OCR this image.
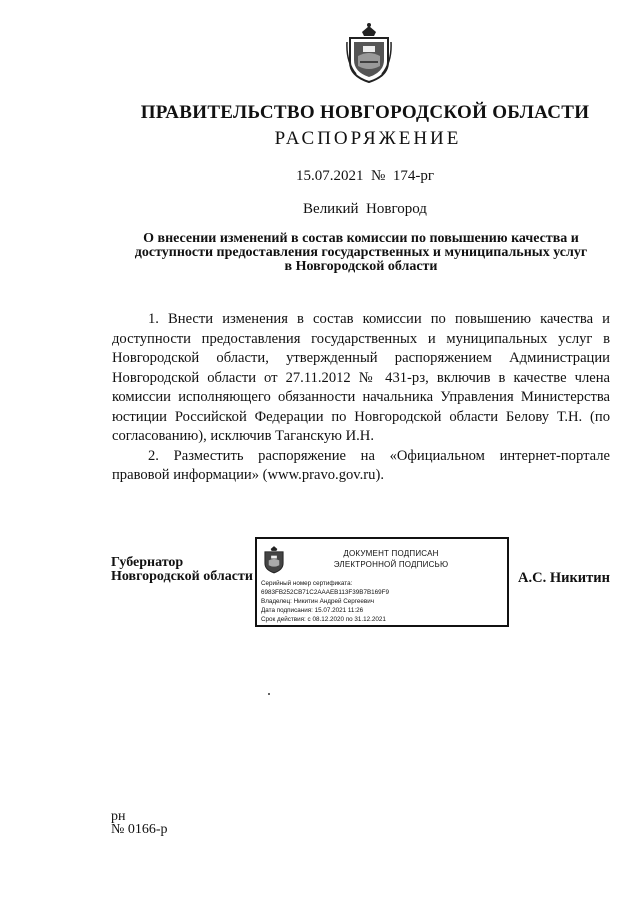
ПРАВИТЕЛЬСТВО НОВГОРОДСКОЙ ОБЛАСТИ
РАСПОРЯЖЕНИЕ
15.07.2021  №  174-рг
Великий  Новгород
О внесении изменений в состав комиссии по повышению качества и
доступности предоставления государственных и муниципальных услуг
в Новгородской области

1. Внести изменения в состав комиссии по повышению качества и доступности предоставления государственных и муниципальных услуг в Новгородской области, утвержденный распоряжением Администрации Новгородской области от 27.11.2012 № 431-рз, включив в качестве члена комиссии исполняющего обязанности начальника Управления Министерства юстиции Российской Федерации по Новгородской области Белову Т.Н. (по согласованию), исключив Таганскую И.Н.

2. Разместить распоряжение на «Официальном интернет-портале правовой информации» (www.pravo.gov.ru).

Губернатор
Новгородской области
ДОКУМЕНТ ПОДПИСАН
ЭЛЕКТРОННОЙ ПОДПИСЬЮ
Серийный номер сертификата:
6983FB252CB71C2AAAEB113F39B7B169F9
Владелец: Никитин Андрей Сергеевич
Дата подписания: 15.07.2021 11:26
Срок действия: с 08.12.2020 по 31.12.2021
А.С. Никитин
рн
№ 0166-р
